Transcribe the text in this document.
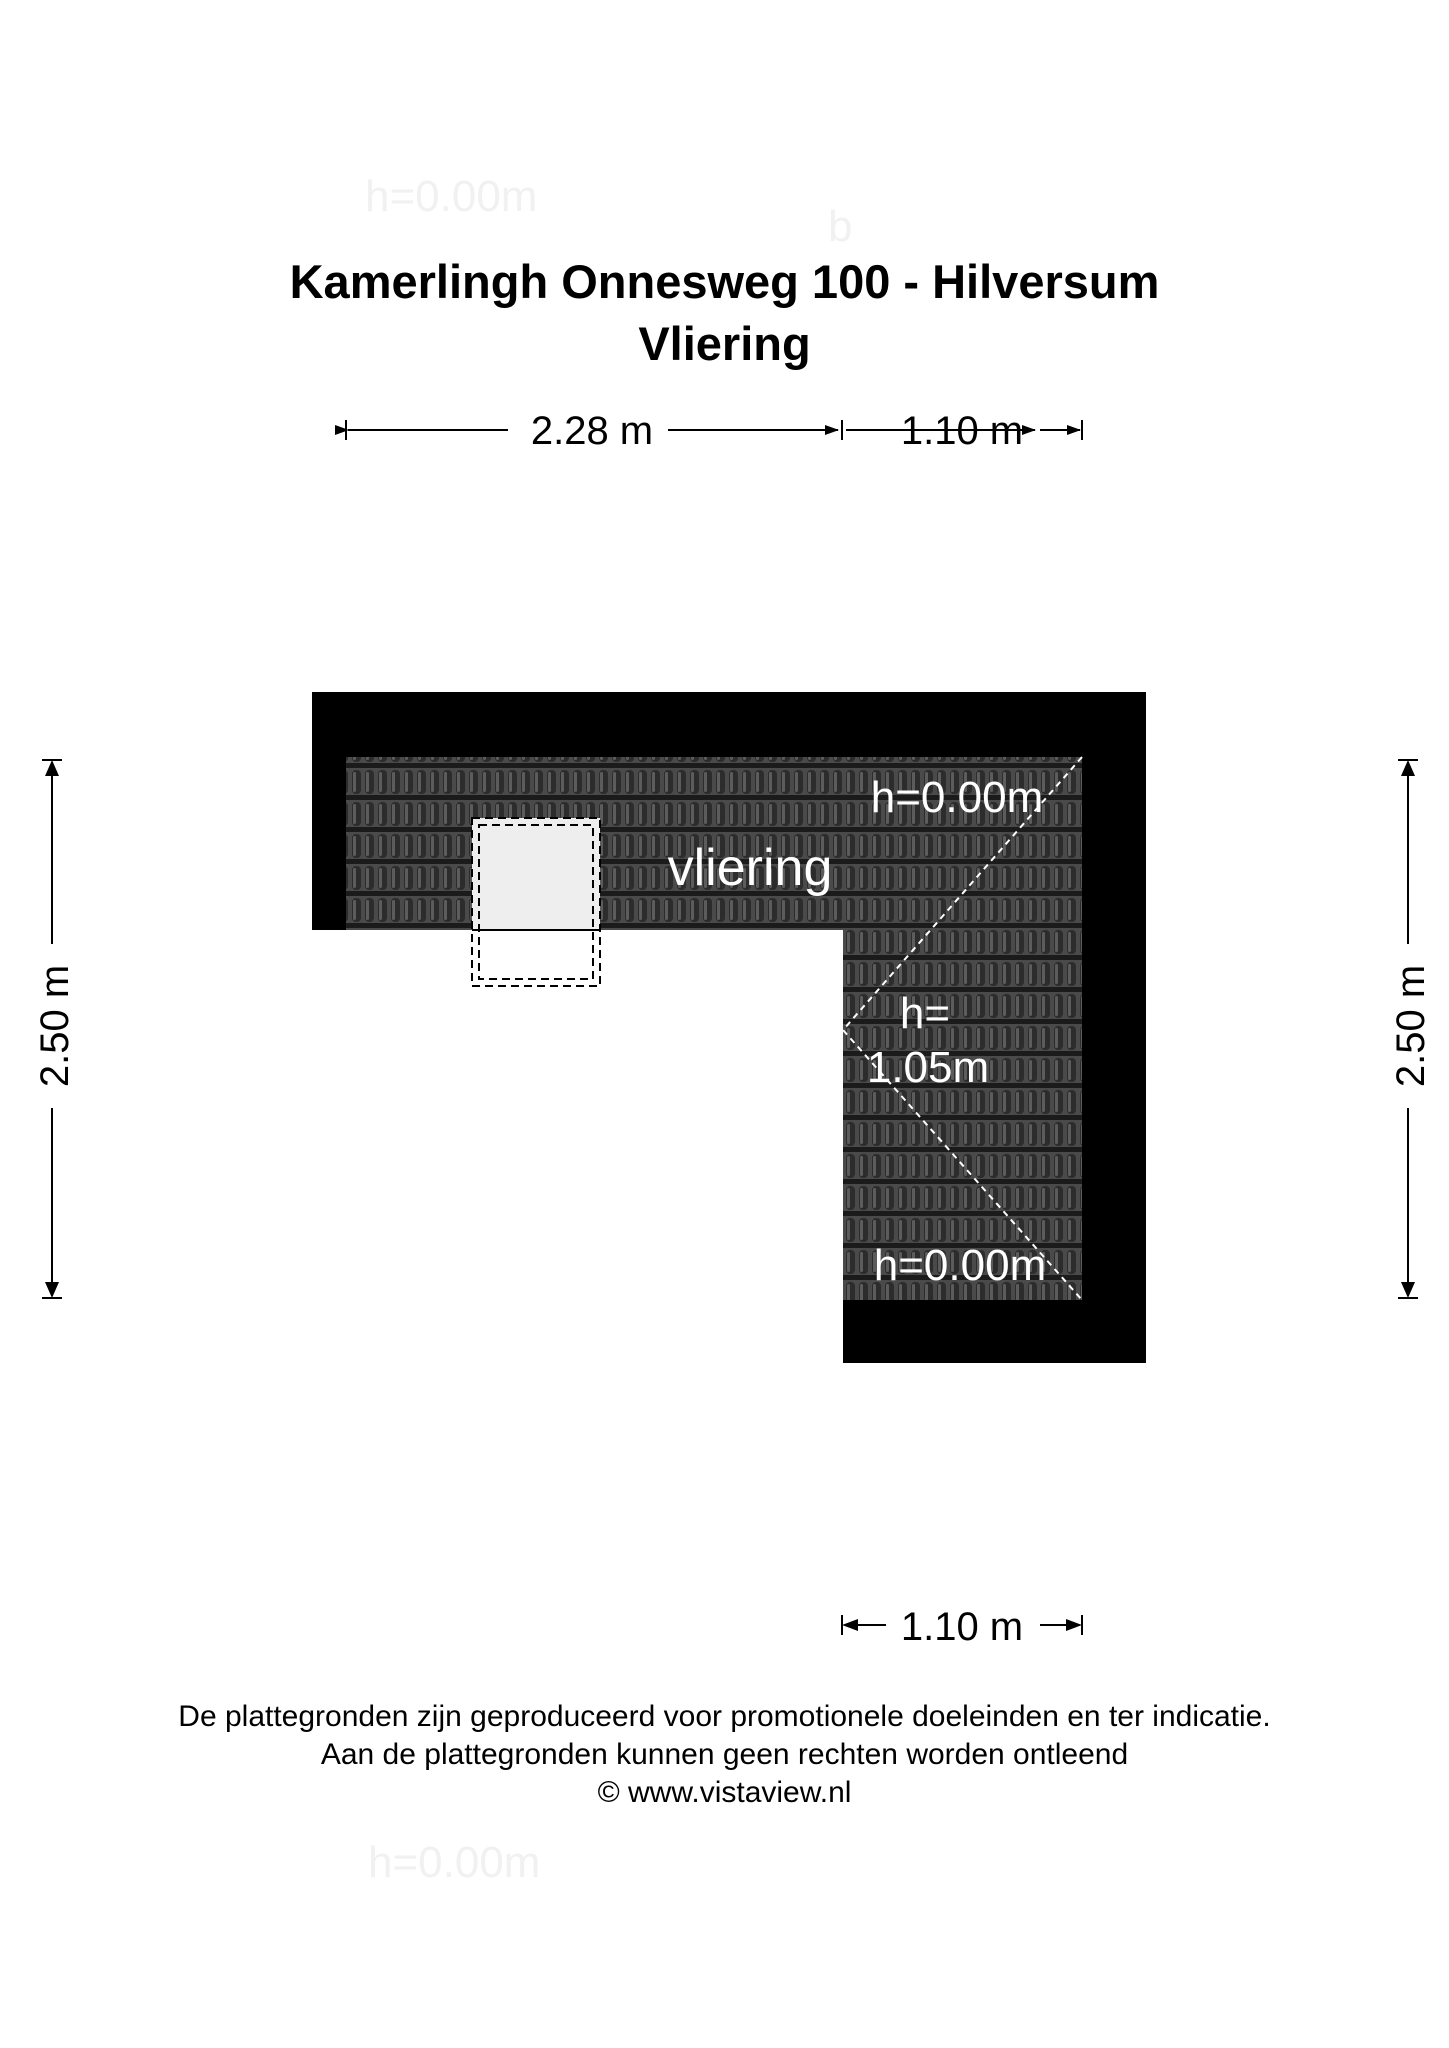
h=0.00m
b
h=0.00m
Kamerlingh Onnesweg 100 - Hilversum
Vliering
2.28 m	1.10 m
2.50 m	2.50 m
1.10 m
vliering
h=0.00m
h=
1.05m
h=0.00m
De plattegronden zijn geproduceerd voor promotionele doeleinden en ter indicatie.
Aan de plattegronden kunnen geen rechten worden ontleend
© www.vistaview.nl
